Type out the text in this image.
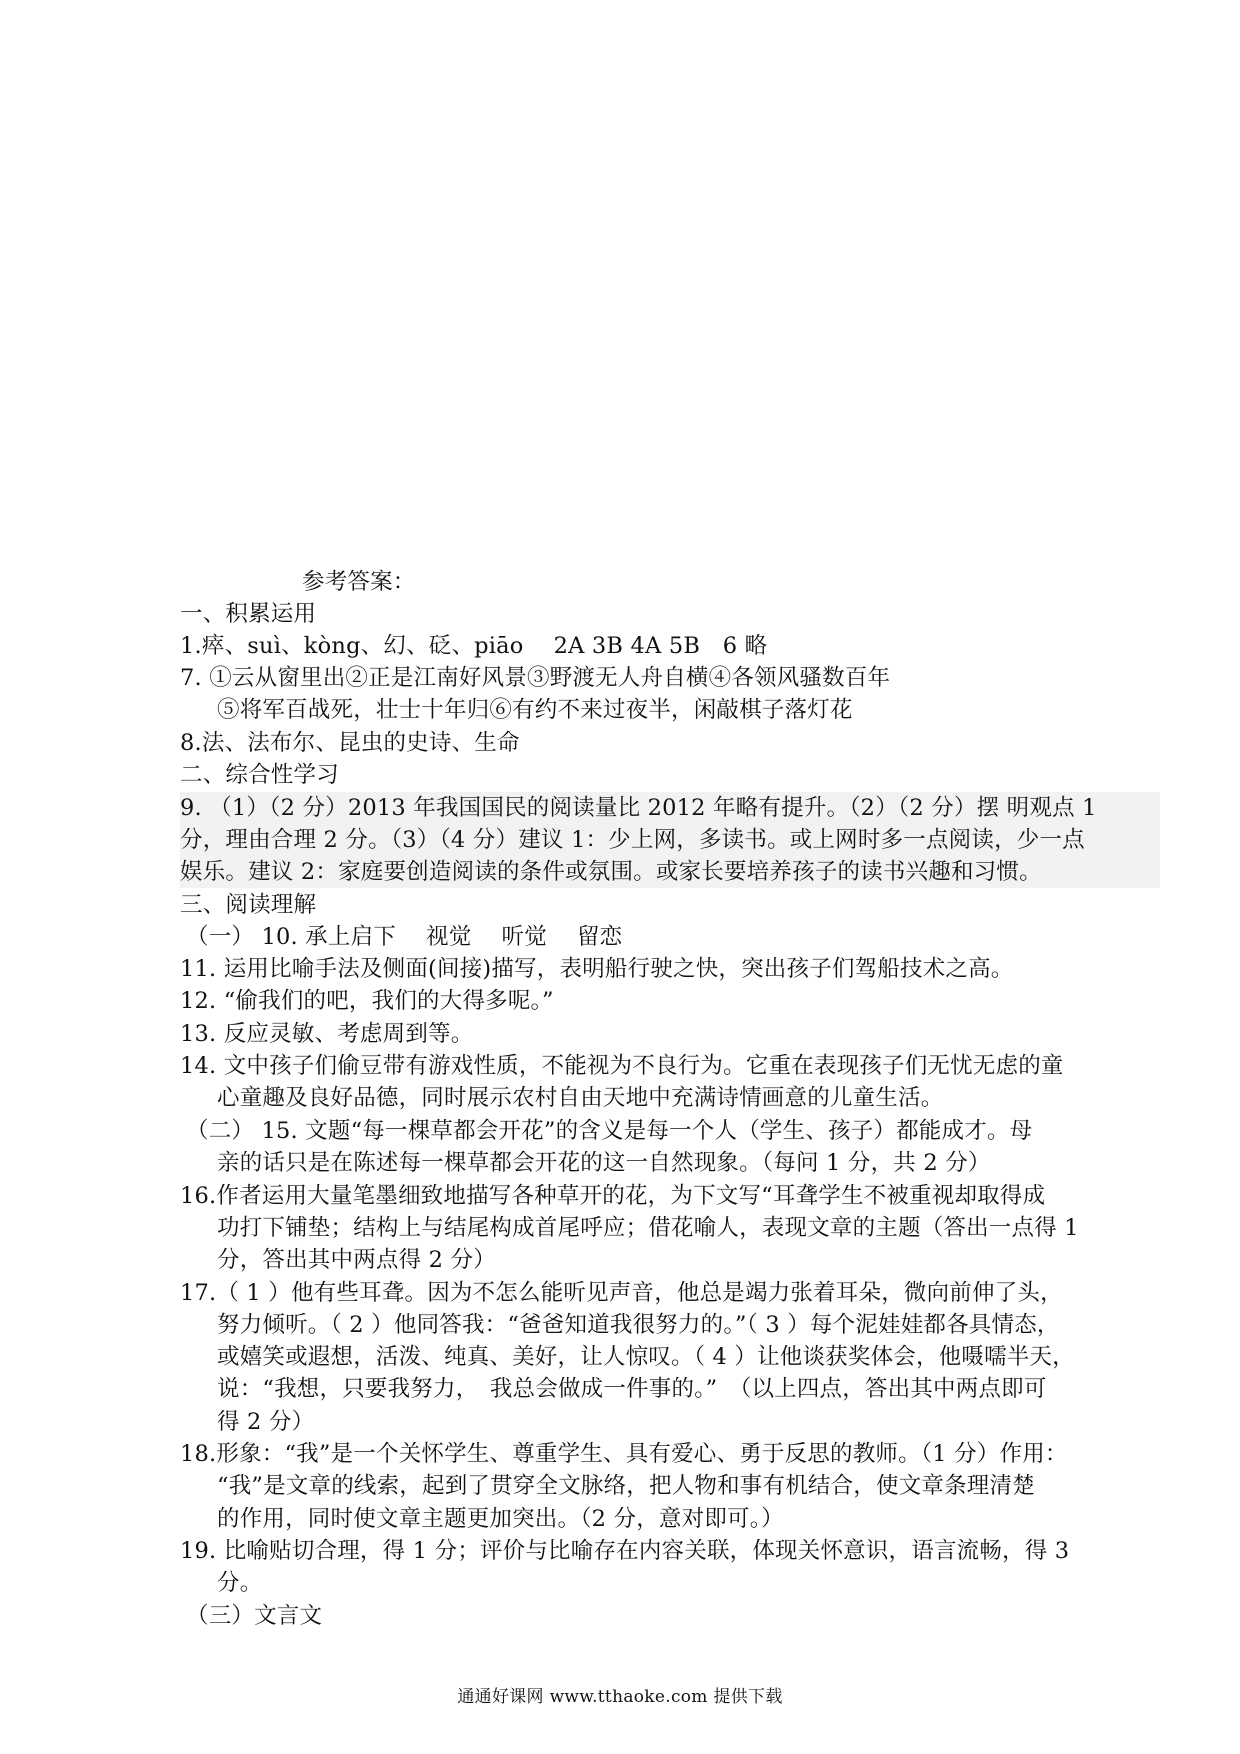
参考答案：
一、积累运用
1.瘁、suì、kòng、幻、砭、piāo　 2A 3B 4A 5B　6 略
7. ①云从窗里出②正是江南好风景③野渡无人舟自横④各领风骚数百年
⑤将军百战死，壮士十年归⑥有约不来过夜半，闲敲棋子落灯花
8.法、法布尔、昆虫的史诗、生命
二、综合性学习
9. （1）（2 分）2013 年我国国民的阅读量比 2012 年略有提升。（2）（2 分）摆 明观点 1
分，理由合理 2 分。（3）（4 分）建议 1：少上网，多读书。或上网时多一点阅读，少一点
娱乐。建议 2：家庭要创造阅读的条件或氛围。或家长要培养孩子的读书兴趣和习惯。
三、阅读理解
（一） 10. 承上启下　 视觉　 听觉　 留恋
11. 运用比喻手法及侧面(间接)描写，表明船行驶之快，突出孩子们驾船技术之高。
12. “偷我们的吧，我们的大得多呢。”
13. 反应灵敏、考虑周到等。
14. 文中孩子们偷豆带有游戏性质，不能视为不良行为。它重在表现孩子们无忧无虑的童
心童趣及良好品德，同时展示农村自由天地中充满诗情画意的儿童生活。
（二） 15. 文题“每一棵草都会开花”的含义是每一个人（学生、孩子）都能成才。母
亲的话只是在陈述每一棵草都会开花的这一自然现象。（每问 1 分，共 2 分）
16.作者运用大量笔墨细致地描写各种草开的花，为下文写“耳聋学生不被重视却取得成
功打下铺垫；结构上与结尾构成首尾呼应；借花喻人，表现文章的主题（答出一点得 1
分，答出其中两点得 2 分）
17.（ 1 ）他有些耳聋。因为不怎么能听见声音，他总是竭力张着耳朵，微向前伸了头，
努力倾听。（ 2 ）他同答我：“爸爸知道我很努力的。”（ 3 ）每个泥娃娃都各具情态，
或嬉笑或遐想，活泼、纯真、美好，让人惊叹。（ 4 ）让他谈获奖体会，他嗫嚅半天，
说：“我想，只要我努力，　我总会做成一件事的。”　（以上四点，答出其中两点即可
得 2 分）
18.形象：“我”是一个关怀学生、尊重学生、具有爱心、勇于反思的教师。（1 分）作用：
“我”是文章的线索，起到了贯穿全文脉络，把人物和事有机结合，使文章条理清楚
的作用，同时使文章主题更加突出。（2 分，意对即可。）
19. 比喻贴切合理，得 1 分；评价与比喻存在内容关联，体现关怀意识，语言流畅，得 3
分。
（三）文言文
通通好课网 www.tthaoke.com 提供下载
